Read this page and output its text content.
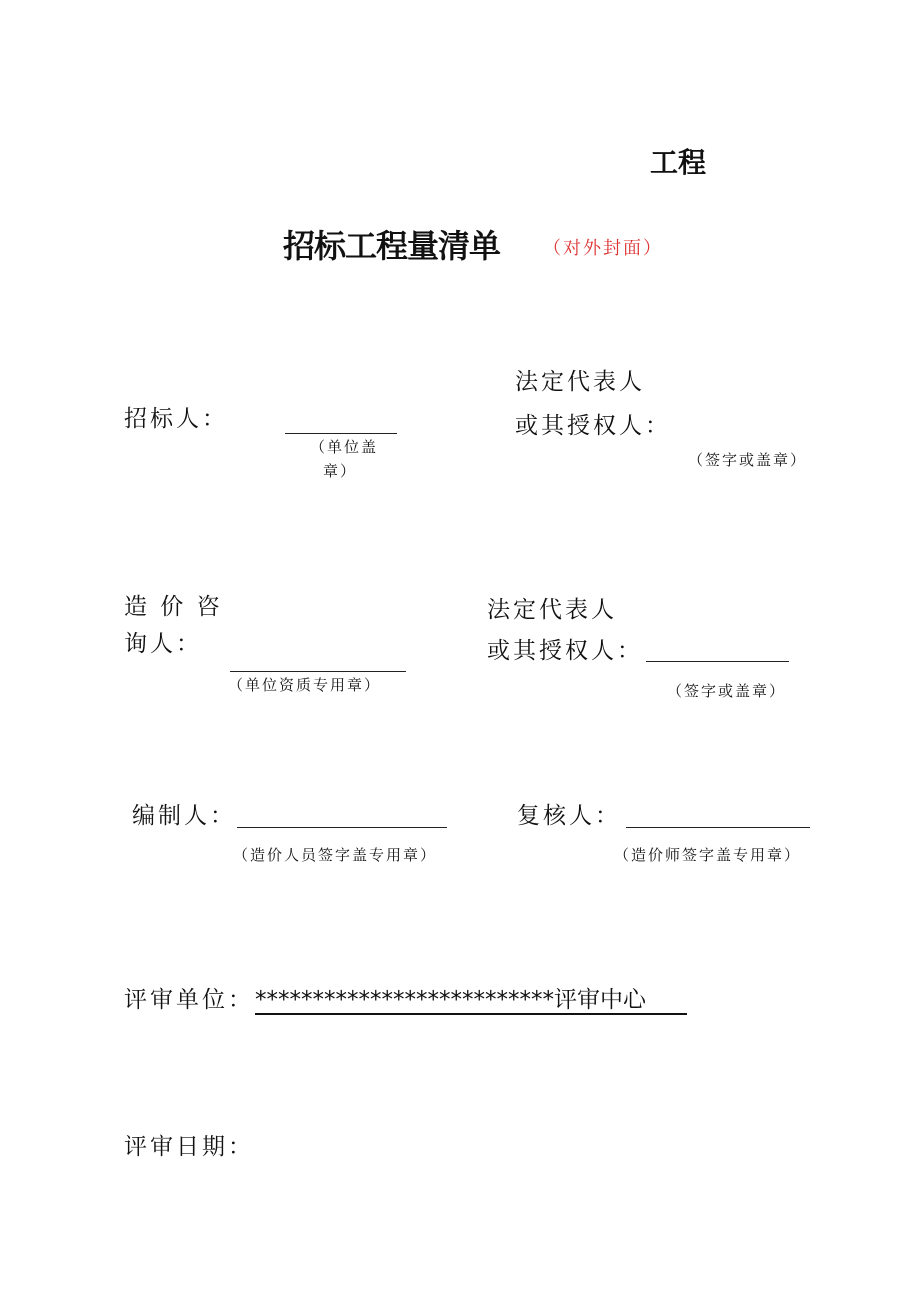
工程
招标工程量清单 （对外封面）
招标人：
（单位盖
章）
法定代表人
或其授权人：
（签字或盖章）
造 价 咨
询人：
（单位资质专用章）
法定代表人
或其授权人：
（签字或盖章）
编制人：
（造价人员签字盖专用章）
复核人：
（造价师签字盖专用章）
评审单位： **************************评审中心
评审日期：
